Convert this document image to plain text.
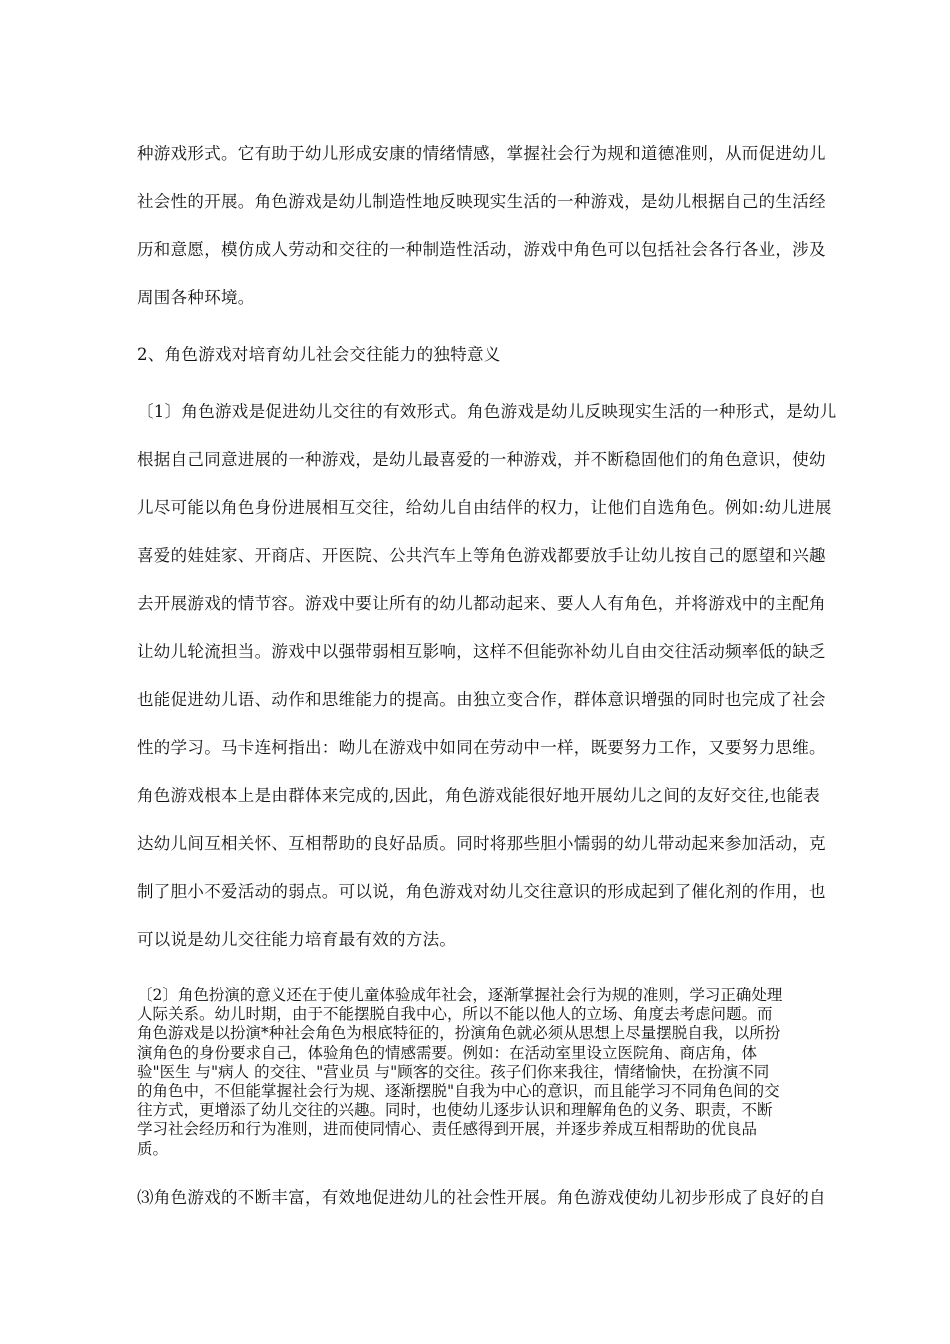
种游戏形式。它有助于幼儿形成安康的情绪情感，掌握社会行为规和道德准则，从而促进幼儿
社会性的开展。角色游戏是幼儿制造性地反映现实生活的一种游戏，是幼儿根据自己的生活经
历和意愿，模仿成人劳动和交往的一种制造性活动，游戏中角色可以包括社会各行各业，涉及
周围各种环境。
2、角色游戏对培育幼儿社会交往能力的独特意义
〔1〕角色游戏是促进幼儿交往的有效形式。角色游戏是幼儿反映现实生活的一种形式，是幼儿
根据自己同意进展的一种游戏，是幼儿最喜爱的一种游戏，并不断稳固他们的角色意识，使幼
儿尽可能以角色身份进展相互交往，给幼儿自由结伴的权力，让他们自选角色。例如:幼儿进展
喜爱的娃娃家、开商店、开医院、公共汽车上等角色游戏都要放手让幼儿按自己的愿望和兴趣
去开展游戏的情节容。游戏中要让所有的幼儿都动起来、要人人有角色，并将游戏中的主配角
让幼儿轮流担当。游戏中以强带弱相互影响，这样不但能弥补幼儿自由交往活动频率低的缺乏
也能促进幼儿语、动作和思维能力的提高。由独立变合作，群体意识增强的同时也完成了社会
性的学习。马卡连柯指出：呦儿在游戏中如同在劳动中一样，既要努力工作，又要努力思维。
角色游戏根本上是由群体来完成的,因此，角色游戏能很好地开展幼儿之间的友好交往,也能表
达幼儿间互相关怀、互相帮助的良好品质。同时将那些胆小懦弱的幼儿带动起来参加活动，克
制了胆小不爱活动的弱点。可以说，角色游戏对幼儿交往意识的形成起到了催化剂的作用，也
可以说是幼儿交往能力培育最有效的方法。
〔2〕角色扮演的意义还在于使儿童体验成年社会，逐渐掌握社会行为规的准则，学习正确处理
人际关系。幼儿时期，由于不能摆脱自我中心，所以不能以他人的立场、角度去考虑问题。而
角色游戏是以扮演*种社会角色为根底特征的，扮演角色就必须从思想上尽量摆脱自我，以所扮
演角色的身份要求自己，体验角色的情感需要。例如：在活动室里设立医院角、商店角，体
验"医生 与"病人 的交往、"营业员 与"顾客的交往。孩子们你来我往，情绪愉快，在扮演不同
的角色中，不但能掌握社会行为规、逐渐摆脱"自我为中心的意识，而且能学习不同角色间的交
往方式，更增添了幼儿交往的兴趣。同时，也使幼儿逐步认识和理解角色的义务、职责，不断
学习社会经历和行为准则，进而使同情心、责任感得到开展，并逐步养成互相帮助的优良品
质。
⑶角色游戏的不断丰富，有效地促进幼儿的社会性开展。角色游戏使幼儿初步形成了良好的自
